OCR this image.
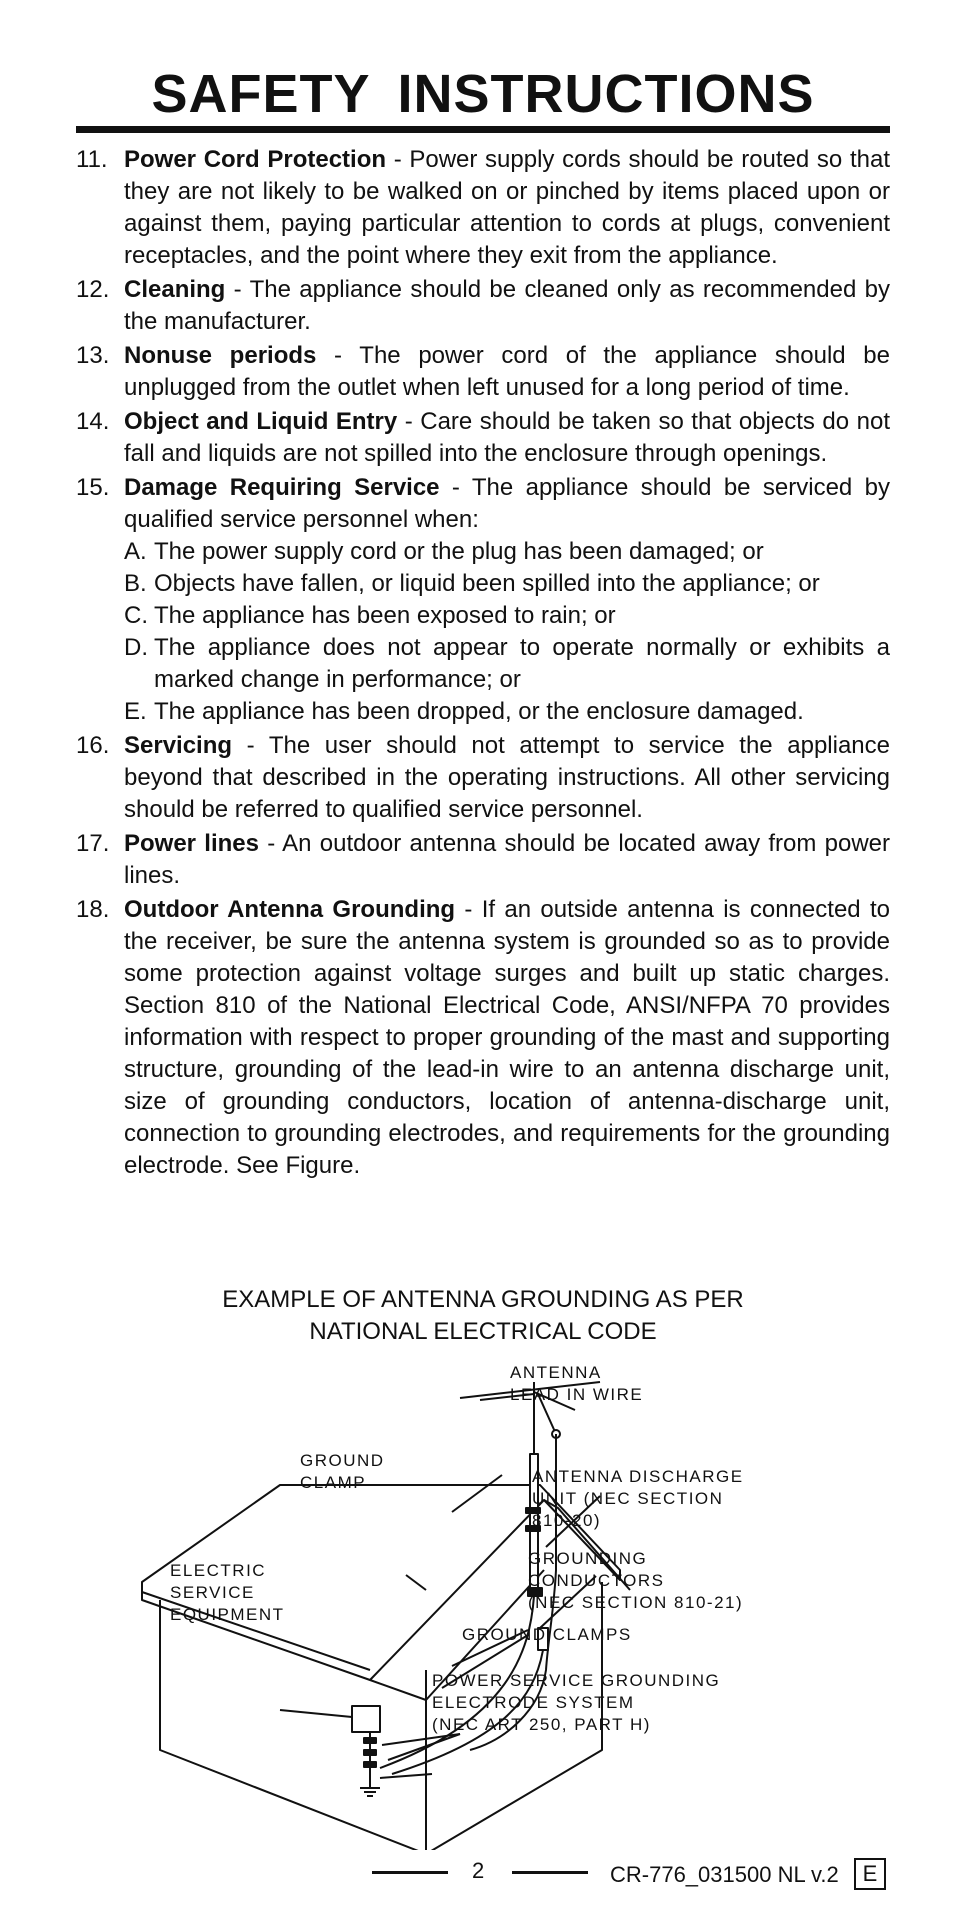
SAFETY INSTRUCTIONS
11. Power Cord Protection - Power supply cords should be routed so that they are not likely to be walked on or pinched by items placed upon or against them, paying particular attention to cords at plugs, convenient receptacles, and the point where they exit from the appliance.
12. Cleaning - The appliance should be cleaned only as recommended by the manufacturer.
13. Nonuse periods - The power cord of the appliance should be unplugged from the outlet when left unused for a long period of time.
14. Object and Liquid Entry - Care should be taken so that objects do not fall and liquids are not spilled into the enclosure through openings.
15. Damage Requiring Service - The appliance should be serviced by qualified service personnel when:
A. The power supply cord or the plug has been damaged; or
B. Objects have fallen, or liquid been spilled into the appliance; or
C. The appliance has been exposed to rain; or
D. The appliance does not appear to operate normally or exhibits a marked change in performance; or
E. The appliance has been dropped, or the enclosure damaged.
16. Servicing - The user should not attempt to service the appliance beyond that described in the operating instructions. All other servicing should be referred to qualified service personnel.
17. Power lines - An outdoor antenna should be located away from power lines.
18. Outdoor Antenna Grounding - If an outside antenna is connected to the receiver, be sure the antenna system is grounded so as to provide some protection against voltage surges and built up static charges. Section 810 of the National Electrical Code, ANSI/NFPA 70 provides information with respect to proper grounding of the mast and supporting structure, grounding of the lead-in wire to an antenna discharge unit, size of grounding conductors, location of antenna-discharge unit, connection to grounding electrodes, and requirements for the grounding electrode. See Figure.
EXAMPLE OF ANTENNA GROUNDING AS PER
NATIONAL ELECTRICAL CODE
ANTENNA
LEAD IN WIRE
GROUND
CLAMP	ANTENNA DISCHARGE
UNIT (NEC SECTION
810-20)
GROUNDING
CONDUCTORS
(NEC SECTION 810-21)
ELECTRIC
SERVICE
EQUIPMENT
GROUND CLAMPS
POWER SERVICE GROUNDING
ELECTRODE SYSTEM
(NEC ART 250, PART H)
2	CR-776_031500 NL v.2	E
